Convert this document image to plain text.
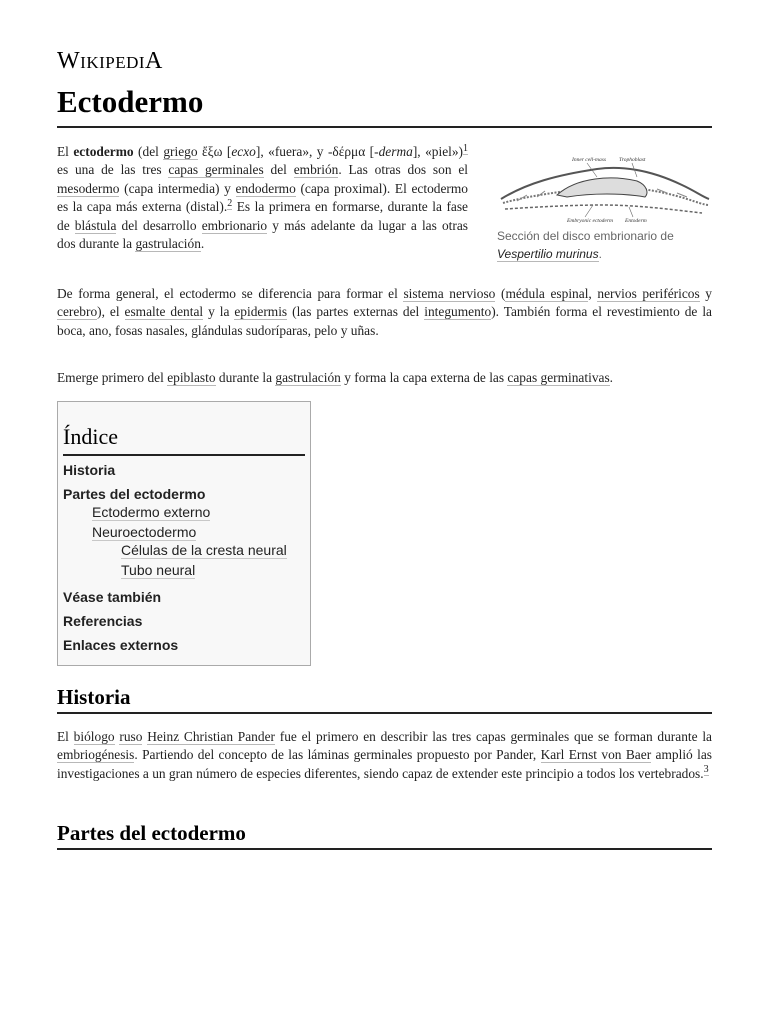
WIKIPEDIA
Ectodermo

El ectodermo (del griego ἔξω [ecxo], «fuera», y -δέρμα [-derma], «piel»)$^1$ es una de las tres capas germinales del embrión. Las otras dos son el mesodermo (capa intermedia) y endodermo (capa proximal). El ectodermo es la capa más externa (distal).$^2$ Es la primera en formarse, durante la fase de blástula del desarrollo embrionario y más adelante da lugar a las otras dos durante la gastrulación.

Inner cell-mass Trophoblast
Embryonic ectoderm Entoderm
Sección del disco embrionario de Vespertilio murinus.

De forma general, el ectodermo se diferencia para formar el sistema nervioso (médula espinal, nervios periféricos y cerebro), el esmalte dental y la epidermis (las partes externas del integumento). También forma el revestimiento de la boca, ano, fosas nasales, glándulas sudoríparas, pelo y uñas.

Emerge primero del epiblasto durante la gastrulación y forma la capa externa de las capas germinativas.

Índice
Historia
Partes del ectodermo
Ectodermo externo
Neuroectodermo
Células de la cresta neural
Tubo neural
Véase también
Referencias
Enlaces externos
Historia

El biólogo ruso Heinz Christian Pander fue el primero en describir las tres capas germinales que se forman durante la embriogénesis. Partiendo del concepto de las láminas germinales propuesto por Pander, Karl Ernst von Baer amplió las investigaciones a un gran número de especies diferentes, siendo capaz de extender este principio a todos los vertebrados.$^3$

Partes del ectodermo
